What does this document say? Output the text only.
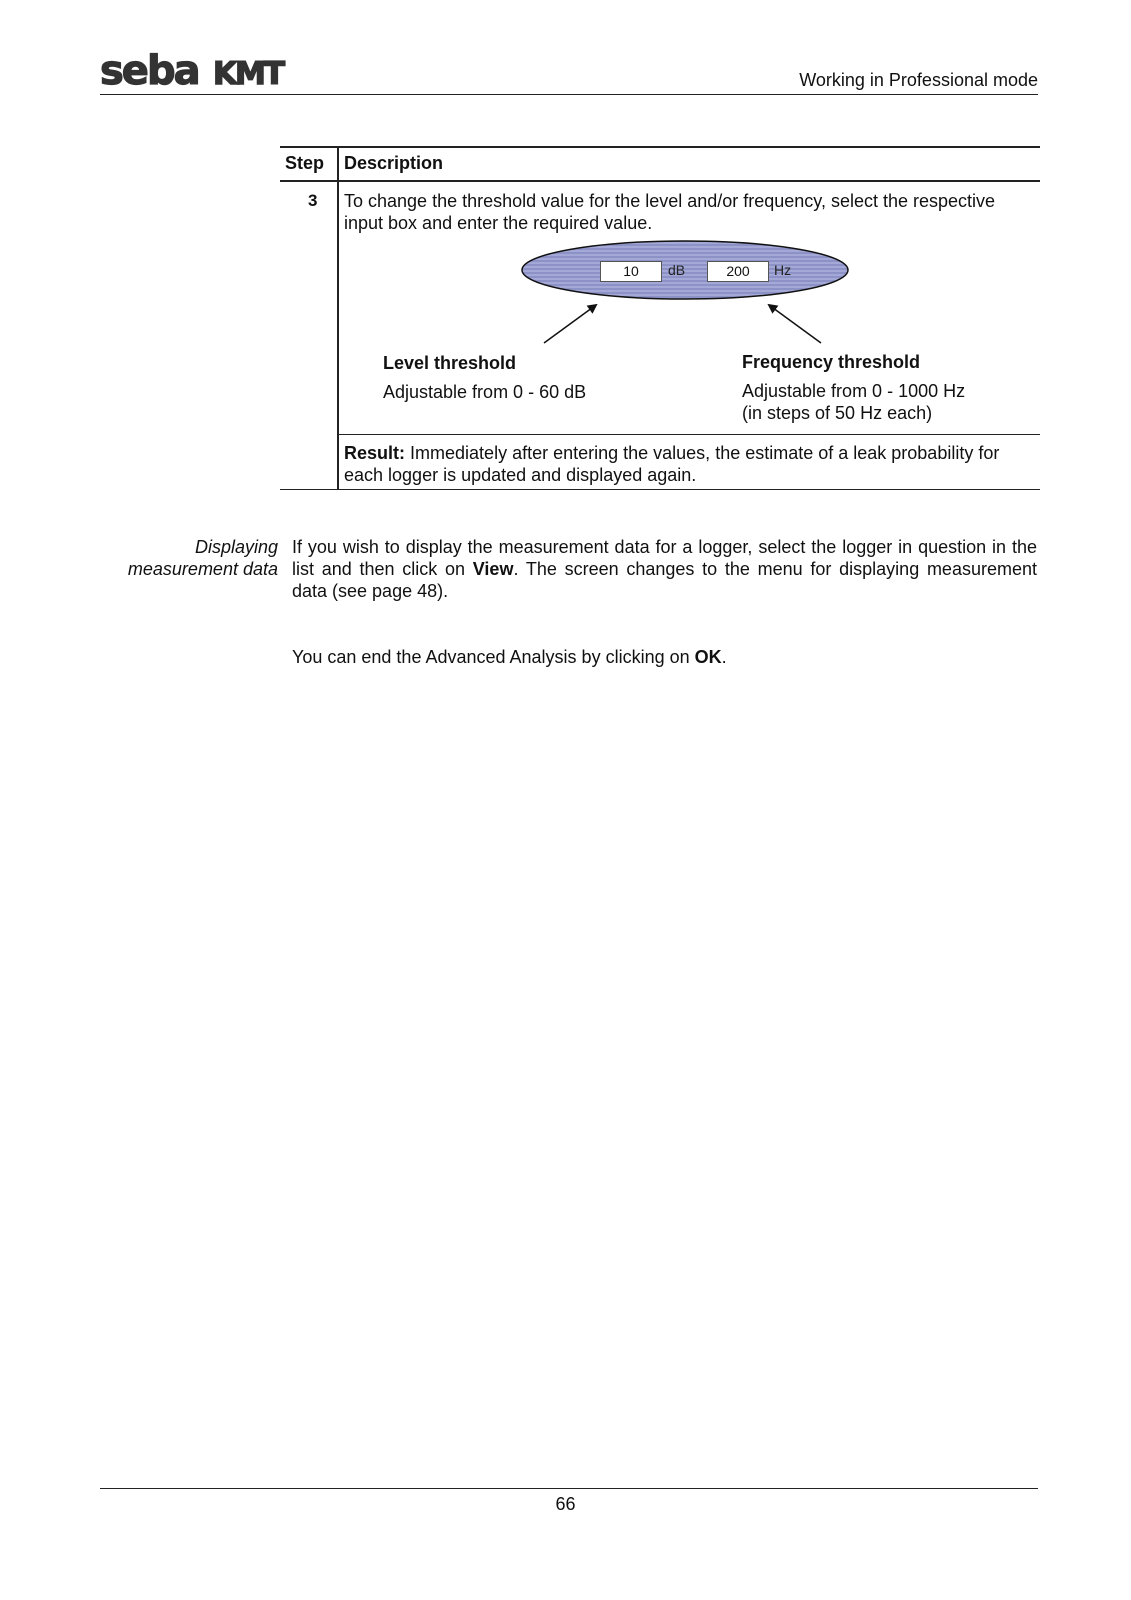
seba KMT	Working in Professional mode
Step Description
3 To change the threshold value for the level and/or frequency, select the respective input box and enter the required value.
10	dB	200	Hz
Level threshold
Adjustable from 0 - 60 dB
Frequency threshold
Adjustable from 0 - 1000 Hz
(in steps of 50 Hz each)
Result: Immediately after entering the values, the estimate of a leak probability for each logger is updated and displayed again.
Displaying
measurement data
If you wish to display the measurement data for a logger, select the logger in question in the list and then click on View. The screen changes to the menu for displaying measurement data (see page 48).
You can end the Advanced Analysis by clicking on OK.
66
